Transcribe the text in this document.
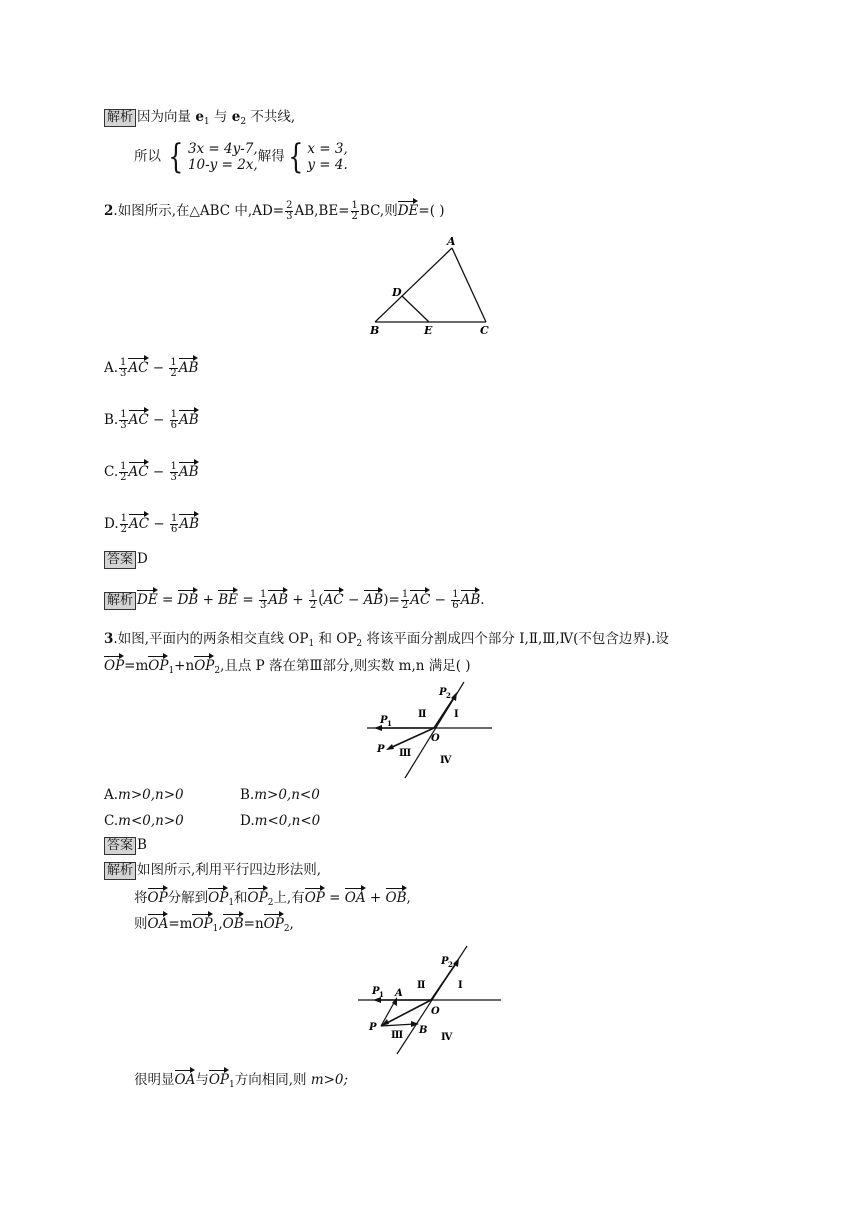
解析 因为向量 $e_1$ 与 $e_2$ 不共线,
所以 { 3x = 4y-7,
10-y = 2x,
解得 { x = 3,
y = 4.
2.如图所示,在△ABC 中$,AD= \frac{2}{3} AB,BE= \frac{1}{2}$ BC,则DE=( )
A
B	C
D
E
A. $\frac{1}{3}$ AC − $\frac{1}{2}$ AB
B. $\frac{1}{3}$ AC − $\frac{1}{6}$ AB
C. $\frac{1}{2}$ AC − $\frac{1}{3}$ AB
D. $\frac{1}{2}$ AC − $\frac{1}{6}$ AB
答案 D
解析 DE = DB + BE = $\frac{1}{3}$ AB + $\frac{1}{2} (AC - AB)= \frac{1}{2}$ AC − $\frac{1}{6}$ AB.
3.如图,平面内的两条相交直线 $OP_1$ 和 $OP_2$ 将该平面分割成四个部分 Ⅰ,Ⅱ,Ⅲ,Ⅳ(不包含边界).设
OP=mOP$_1$+nOP$_2$,且点 P 落在第Ⅲ部分,则实数 m,n 满足( )
P 1
P 2
P
O
Ⅰ
Ⅱ
Ⅲ
Ⅳ
A.m>0,n>0	B.m>0,n<0
C.m<0,n>0	D.m<0,n<0
答案 B
解析 如图所示,利用平行四边形法则,
将OP分解到$OP_1$和$OP_2$上,有OP = OA + OB,
则OA=mOP$_1$,OB=nOP$_2$,
P 1
P 2
A
B
P
O
Ⅰ
Ⅱ
Ⅲ	Ⅳ
很明显OA与$OP_1$方向相同,则 m>0;
